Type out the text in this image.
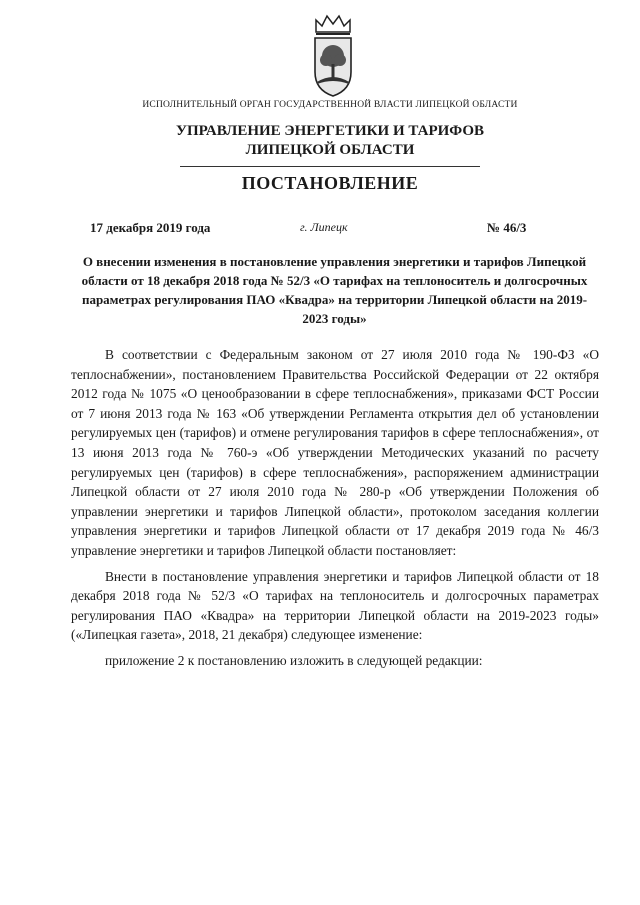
ИСПОЛНИТЕЛЬНЫЙ ОРГАН ГОСУДАРСТВЕННОЙ ВЛАСТИ ЛИПЕЦКОЙ ОБЛАСТИ
УПРАВЛЕНИЕ ЭНЕРГЕТИКИ И ТАРИФОВ
ЛИПЕЦКОЙ ОБЛАСТИ
ПОСТАНОВЛЕНИЕ
17 декабря 2019 года	г. Липецк	№ 46/3
О внесении изменения в постановление управления энергетики и тарифов Липецкой области от 18 декабря 2018 года № 52/3 «О тарифах на теплоноситель и долгосрочных параметрах регулирования ПАО «Квадра» на территории Липецкой области на 2019-2023 годы»

В соответствии с Федеральным законом от 27 июля 2010 года № 190-ФЗ «О теплоснабжении», постановлением Правительства Российской Федерации от 22 октября 2012 года № 1075 «О ценообразовании в сфере теплоснабжения», приказами ФСТ России от 7 июня 2013 года № 163 «Об утверждении Регламента открытия дел об установлении регулируемых цен (тарифов) и отмене регулирования тарифов в сфере теплоснабжения», от 13 июня 2013 года № 760-э «Об утверждении Методических указаний по расчету регулируемых цен (тарифов) в сфере теплоснабжения», распоряжением администрации Липецкой области от 27 июля 2010 года № 280-р «Об утверждении Положения об управлении энергетики и тарифов Липецкой области», протоколом заседания коллегии управления энергетики и тарифов Липецкой области от 17 декабря 2019 года № 46/3 управление энергетики и тарифов Липецкой области постановляет:

Внести в постановление управления энергетики и тарифов Липецкой области от 18 декабря 2018 года № 52/3 «О тарифах на теплоноситель и долгосрочных параметрах регулирования ПАО «Квадра» на территории Липецкой области на 2019-2023 годы» («Липецкая газета», 2018, 21 декабря) следующее изменение:

приложение 2 к постановлению изложить в следующей редакции:
